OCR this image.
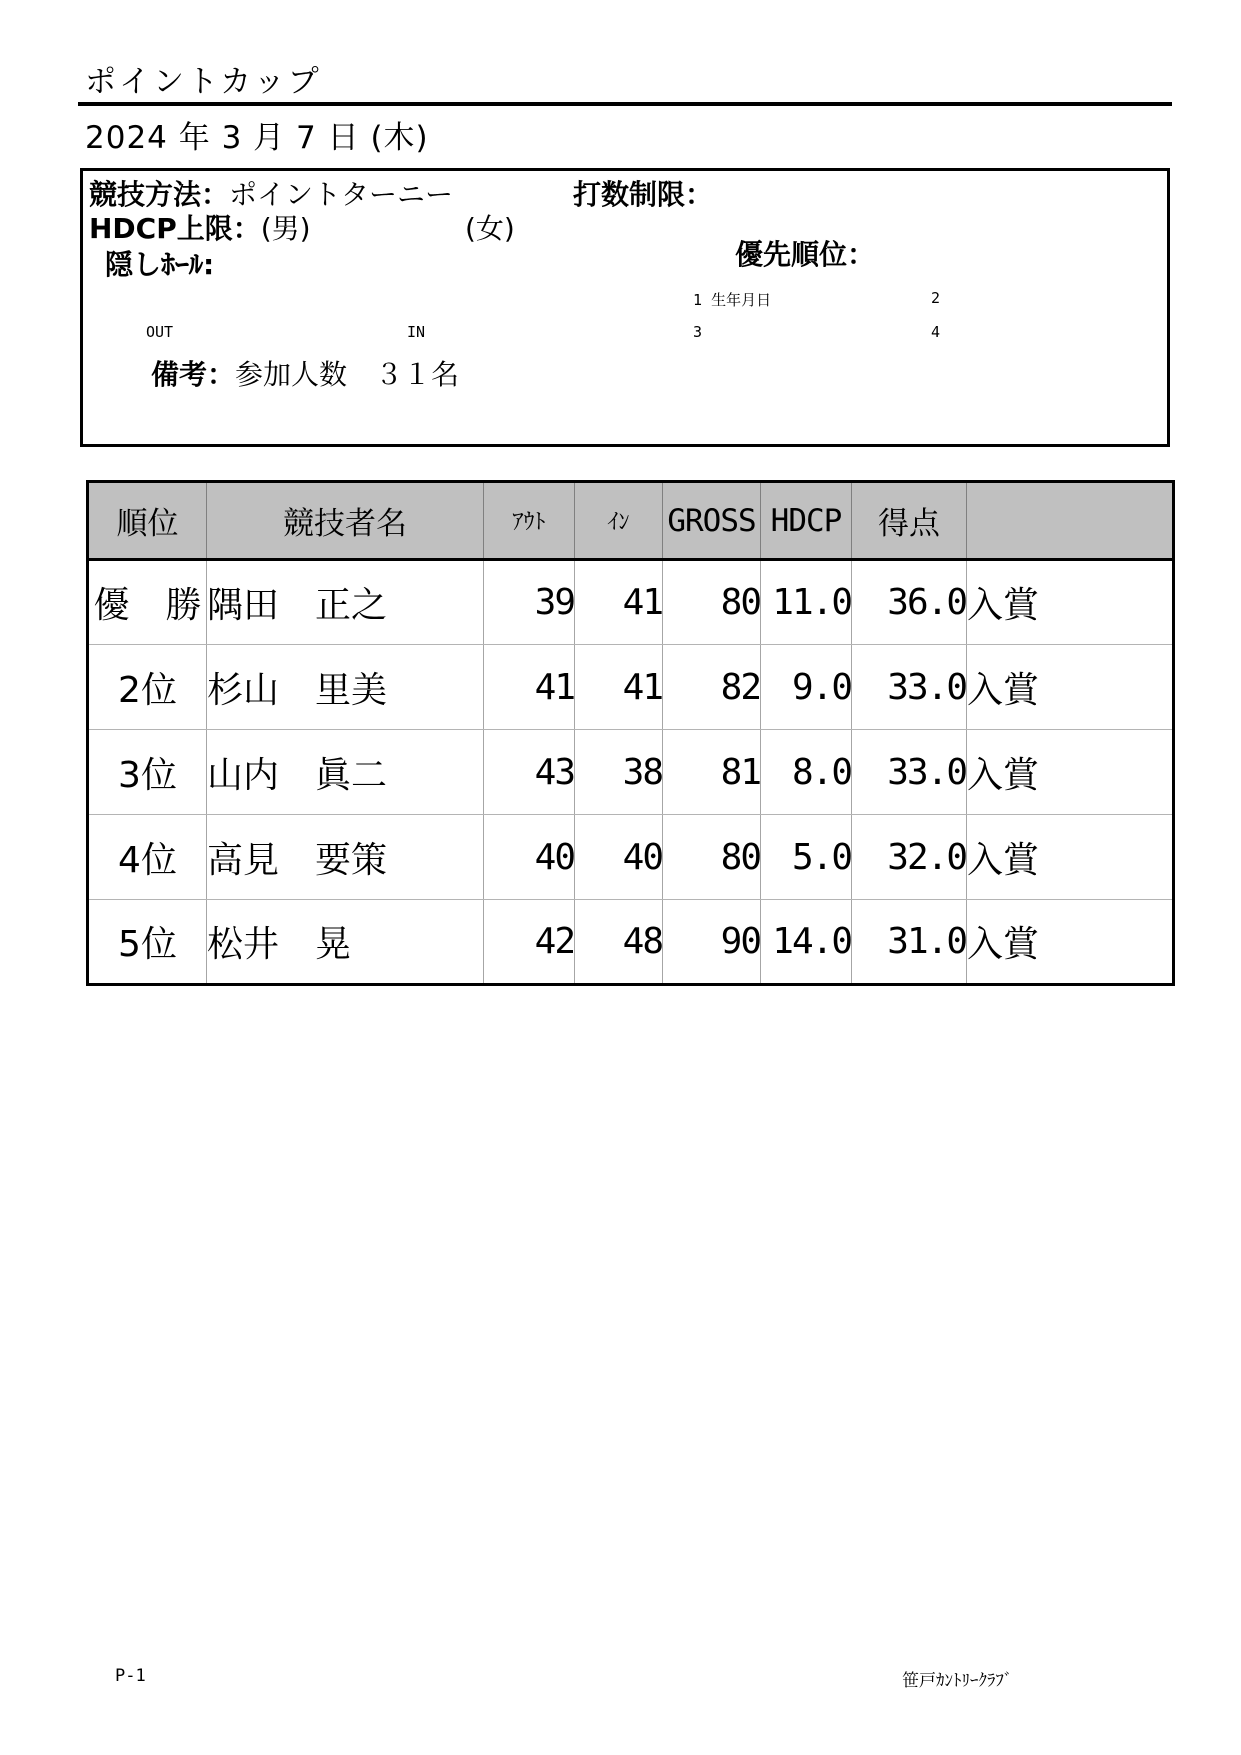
ポイントカップ
2024 年 3 月 7 日 (木)
競技方法：ポイントターニー	打数制限：
HDCP上限：(男)	(女)
隠しﾎｰﾙ:	優先順位：
1 生年月日	2
3	4
OUT	IN
備考：参加人数　３１名
順位	競技者名	ｱｳﾄ	ｲﾝ	GROSS	HDCP	得点	
優　勝	隅田　正之	39	41	80	11.0	36.0	入賞
2位	杉山　里美	41	41	82	9.0	33.0	入賞
3位	山内　眞二	43	38	81	8.0	33.0	入賞
4位	高見　要策	40	40	80	5.0	32.0	入賞
5位	松井　晃	42	48	90	14.0	31.0	入賞
P-1	笹戸ｶﾝﾄﾘｰｸﾗﾌﾞ
